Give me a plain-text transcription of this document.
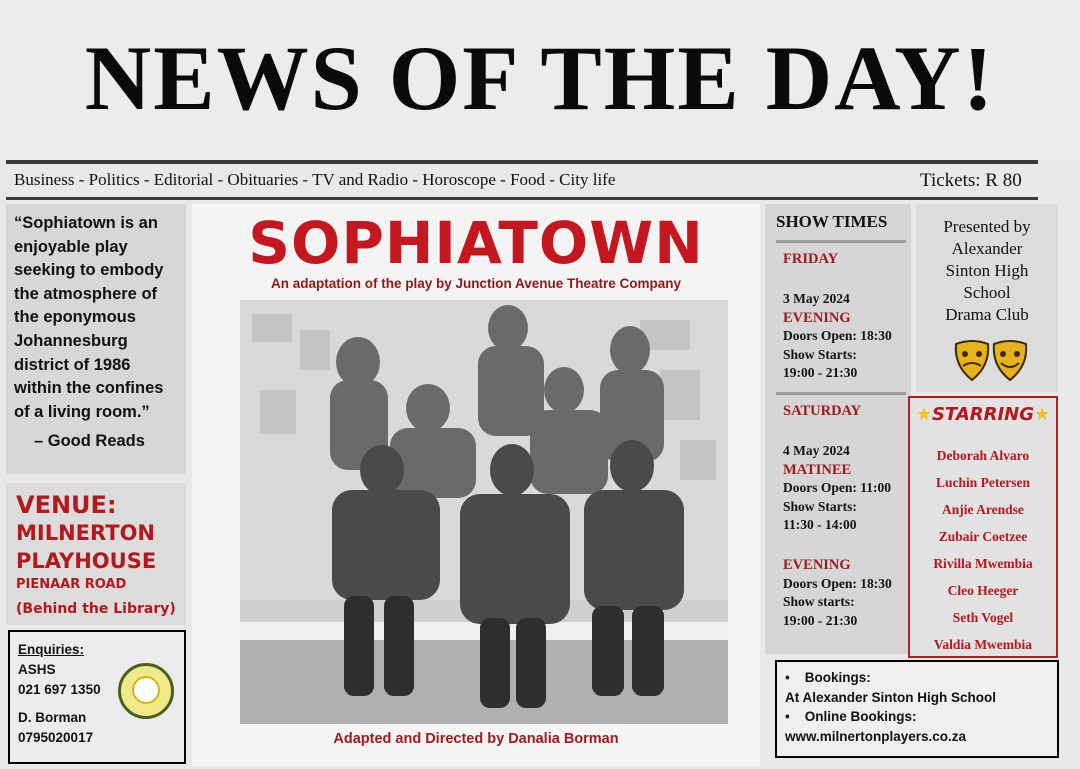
NEWS OF THE DAY!
Business - Politics - Editorial - Obituaries - TV and Radio - Horoscope - Food - City life	Tickets: R 80
“Sophiatown is an enjoyable play seeking to embody the atmosphere of the eponymous Johannesburg district of 1986 within the confines of a living room.”
– Good Reads
VENUE:
MILNERTON
PLAYHOUSE
PIENAAR ROAD
(Behind the Library)
Enquiries:
ASHS
021 697 1350
D. Borman
0795020017
SOPHIATOWN
An adaptation of the play by Junction Avenue Theatre Company
Adapted and Directed by Danalia Borman
SHOW TIMES
FRIDAY
3 May 2024
EVENING
Doors Open: 18:30
Show Starts:
19:00 - 21:30
SATURDAY
4 May 2024
MATINEE
Doors Open: 11:00
Show Starts:
11:30 - 14:00
EVENING
Doors Open: 18:30
Show starts:
19:00 - 21:30
Presented by
Alexander
Sinton High
School
Drama Club
★STARRING★
Deborah Alvaro
Luchin Petersen
Anjie Arendse
Zubair Coetzee
Rivilla Mwembia
Cleo Heeger
Seth Vogel
Valdia Mwembia
•    Bookings:
At Alexander Sinton High School
•    Online Bookings:
www.milnertonplayers.co.za
